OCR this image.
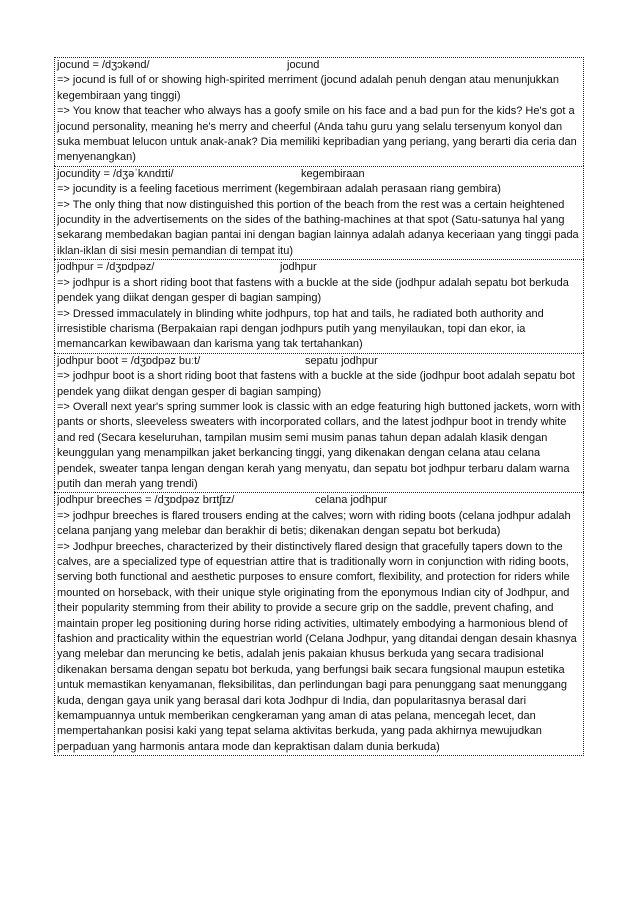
jocund = /dʒɔkənd/	jocund

=> jocund is full of or showing high-spirited merriment (jocund adalah penuh dengan atau menunjukkan kegembiraan yang tinggi)

=> You know that teacher who always has a goofy smile on his face and a bad pun for the kids? He's got a jocund personality, meaning he's merry and cheerful (Anda tahu guru yang selalu tersenyum konyol dan suka membuat lelucon untuk anak-anak? Dia memiliki kepribadian yang periang, yang berarti dia ceria dan menyenangkan)

jocundity = /dʒəˈkʌndɪti/	kegembiraan

=> jocundity is a feeling facetious merriment (kegembiraan adalah perasaan riang gembira)

=> The only thing that now distinguished this portion of the beach from the rest was a certain heightened jocundity in the advertisements on the sides of the bathing-machines at that spot (Satu-satunya hal yang sekarang membedakan bagian pantai ini dengan bagian lainnya adalah adanya keceriaan yang tinggi pada iklan-iklan di sisi mesin pemandian di tempat itu)

jodhpur = /dʒɒdpəz/	jodhpur

=> jodhpur is a short riding boot that fastens with a buckle at the side (jodhpur adalah sepatu bot berkuda pendek yang diikat dengan gesper di bagian samping)

=> Dressed immaculately in blinding white jodhpurs, top hat and tails, he radiated both authority and irresistible charisma (Berpakaian rapi dengan jodhpurs putih yang menyilaukan, topi dan ekor, ia memancarkan kewibawaan dan karisma yang tak tertahankan)

jodhpur boot = /dʒɒdpəz buːt/	sepatu jodhpur

=> jodhpur boot is a short riding boot that fastens with a buckle at the side (jodhpur boot adalah sepatu bot pendek yang diikat dengan gesper di bagian samping)

=> Overall next year's spring summer look is classic with an edge featuring high buttoned jackets, worn with pants or shorts, sleeveless sweaters with incorporated collars, and the latest jodhpur boot in trendy white and red (Secara keseluruhan, tampilan musim semi musim panas tahun depan adalah klasik dengan keunggulan yang menampilkan jaket berkancing tinggi, yang dikenakan dengan celana atau celana pendek, sweater tanpa lengan dengan kerah yang menyatu, dan sepatu bot jodhpur terbaru dalam warna putih dan merah yang trendi)

jodhpur breeches = /dʒɒdpəz brɪtʃɪz/	celana jodhpur

=> jodhpur breeches is flared trousers ending at the calves; worn with riding boots (celana jodhpur adalah celana panjang yang melebar dan berakhir di betis; dikenakan dengan sepatu bot berkuda)

=> Jodhpur breeches, characterized by their distinctively flared design that gracefully tapers down to the calves, are a specialized type of equestrian attire that is traditionally worn in conjunction with riding boots, serving both functional and aesthetic purposes to ensure comfort, flexibility, and protection for riders while mounted on horseback, with their unique style originating from the eponymous Indian city of Jodhpur, and their popularity stemming from their ability to provide a secure grip on the saddle, prevent chafing, and maintain proper leg positioning during horse riding activities, ultimately embodying a harmonious blend of fashion and practicality within the equestrian world (Celana Jodhpur, yang ditandai dengan desain khasnya yang melebar dan meruncing ke betis, adalah jenis pakaian khusus berkuda yang secara tradisional dikenakan bersama dengan sepatu bot berkuda, yang berfungsi baik secara fungsional maupun estetika untuk memastikan kenyamanan, fleksibilitas, dan perlindungan bagi para penunggang saat menunggang kuda, dengan gaya unik yang berasal dari kota Jodhpur di India, dan popularitasnya berasal dari kemampuannya untuk memberikan cengkeraman yang aman di atas pelana, mencegah lecet, dan mempertahankan posisi kaki yang tepat selama aktivitas berkuda, yang pada akhirnya mewujudkan perpaduan yang harmonis antara mode dan kepraktisan dalam dunia berkuda)
